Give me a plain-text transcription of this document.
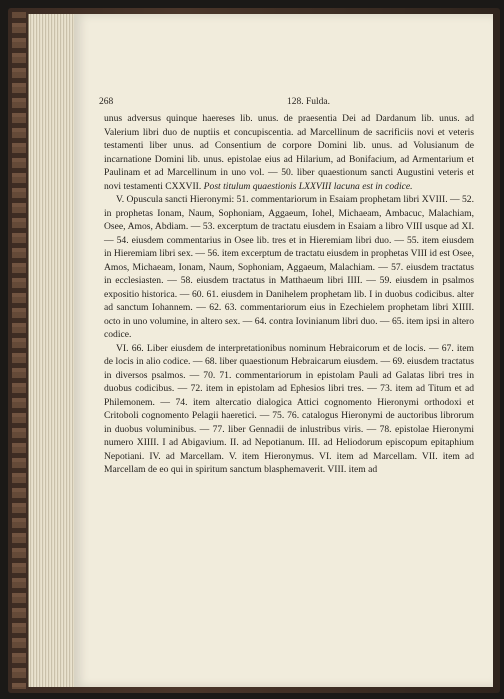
268	128. Fulda.

unus adversus quinque haereses lib. unus. de praesentia Dei ad Dardanum lib. unus. ad Valerium libri duo de nuptiis et concupiscentia. ad Marcellinum de sacrificiis novi et veteris testamenti liber unus. ad Consentium de corpore Domini lib. unus. ad Volusianum de incarnatione Domini lib. unus. epistolae eius ad Hilarium, ad Bonifacium, ad Armentarium et Paulinam et ad Marcellinum in uno vol. — 50. liber quaestionum sancti Augustini veteris et novi testamenti CXXVII. Post titulum quaestionis LXXVIII lacuna est in codice.

V. Opuscula sancti Hieronymi: 51. commentariorum in Esaiam prophetam libri XVIII. — 52. in prophetas Ionam, Naum, Sophoniam, Aggaeum, Iohel, Michaeam, Ambacuc, Malachiam, Osee, Amos, Abdiam. — 53. excerptum de tractatu eiusdem in Esaiam a libro VIII usque ad XI. — 54. eiusdem commentarius in Osee lib. tres et in Hieremiam libri duo. — 55. item eiusdem in Hieremiam libri sex. — 56. item excerptum de tractatu eiusdem in prophetas VIII id est Osee, Amos, Michaeam, Ionam, Naum, Sophoniam, Aggaeum, Malachiam. — 57. eiusdem tractatus in ecclesiasten. — 58. eiusdem tractatus in Matthaeum libri IIII. — 59. eiusdem in psalmos expositio historica. — 60. 61. eiusdem in Danihelem prophetam lib. I in duobus codicibus. alter ad sanctum Iohannem. — 62. 63. commentariorum eius in Ezechielem prophetam libri XIIII. octo in uno volumine, in altero sex. — 64. contra Iovinianum libri duo. — 65. item ipsi in altero codice.

VI. 66. Liber eiusdem de interpretationibus nominum Hebraicorum et de locis. — 67. item de locis in alio codice. — 68. liber quaestionum Hebraicarum eiusdem. — 69. eiusdem tractatus in diversos psalmos. — 70. 71. commentariorum in epistolam Pauli ad Galatas libri tres in duobus codicibus. — 72. item in epistolam ad Ephesios libri tres. — 73. item ad Titum et ad Philemonem. — 74. item altercatio dialogica Attici cognomento Hieronymi orthodoxi et Critoboli cognomento Pelagii haeretici. — 75. 76. catalogus Hieronymi de auctoribus librorum in duobus voluminibus. — 77. liber Gennadii de inlustribus viris. — 78. epistolae Hieronymi numero XIIII. I ad Abigavium. II. ad Nepotianum. III. ad Heliodorum episcopum epitaphium Nepotiani. IV. ad Marcellam. V. item Hieronymus. VI. item ad Marcellam. VII. item ad Marcellam de eo qui in spiritum sanctum blasphemaverit. VIII. item ad
